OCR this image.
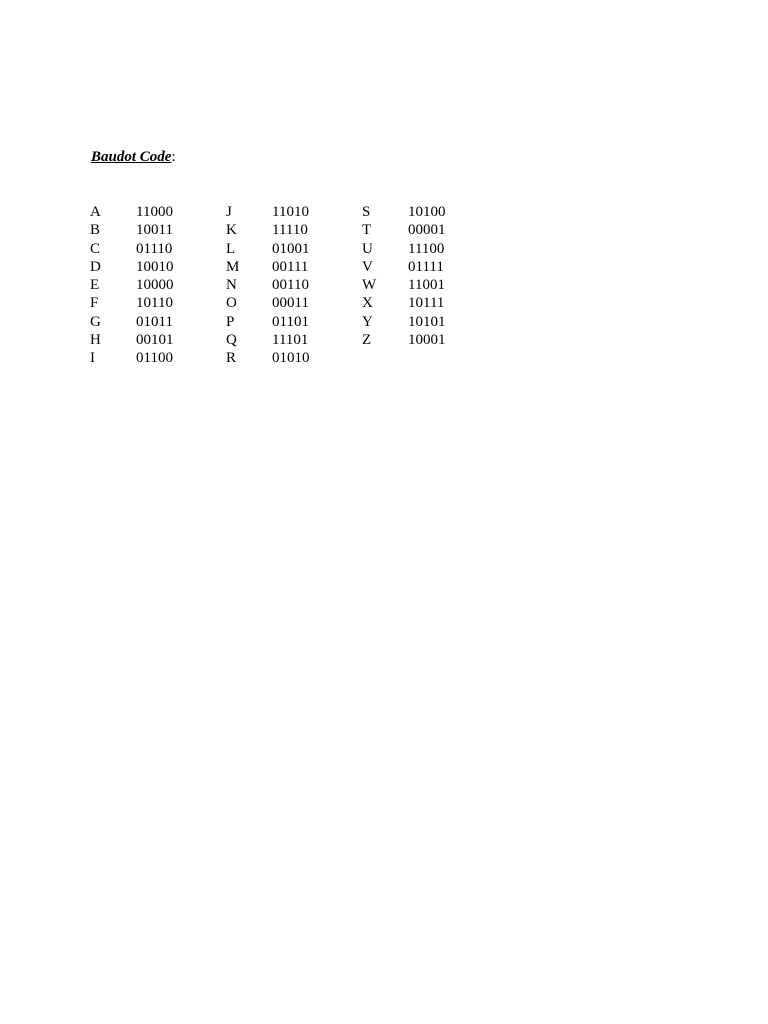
Baudot Code:
A	11000
B	10011
C	01110
D	10010
E	10000
F	10110
G	01011
H	00101
I	01100
J	11010
K	11110
L	01001
M	00111
N	00110
O	00011
P	01101
Q	11101
R	01010
S	10100
T	00001
U	11100
V	01111
W	11001
X	10111
Y	10101
Z	10001
